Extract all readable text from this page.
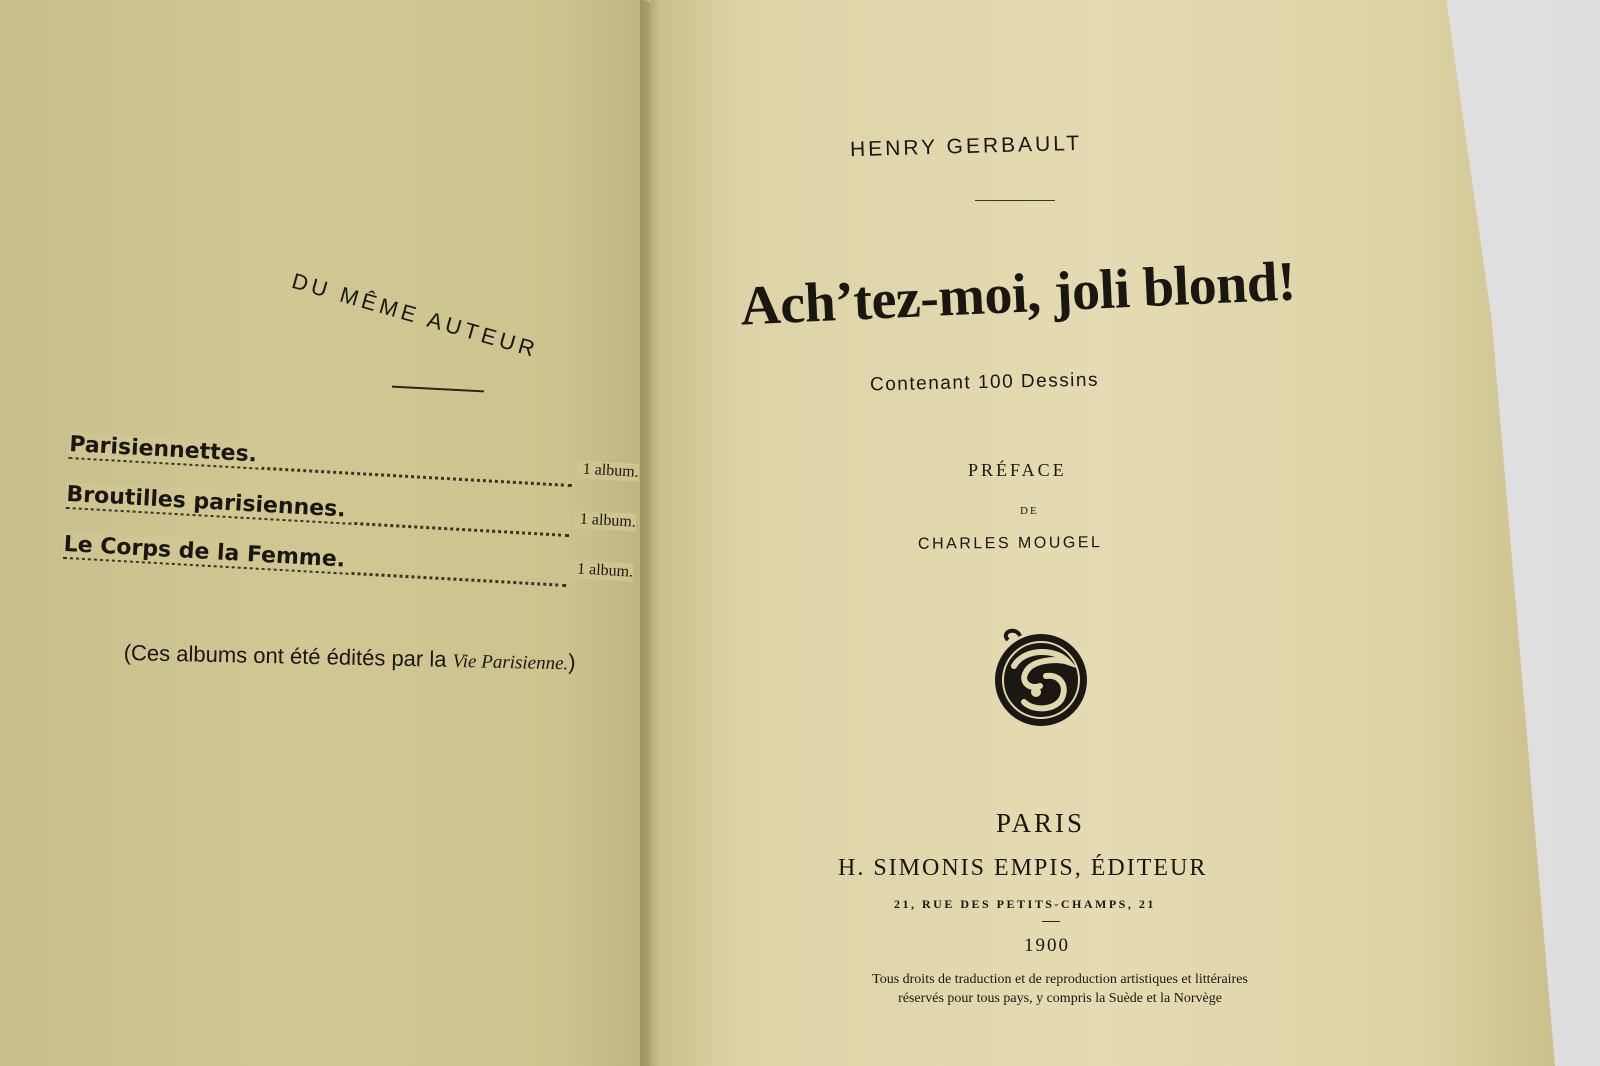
DU MÊME AUTEUR
Parisiennettes.
1 album.
Broutilles parisiennes.	1 album.
Le Corps de la Femme.	1 album.
(Ces albums ont été édités par la Vie Parisienne.)
HENRY GERBAULT
Ach’tez-moi, joli blond!
Contenant 100 Dessins
PRÉFACE
DE
CHARLES MOUGEL
PARIS
H. SIMONIS EMPIS, ÉDITEUR
21, RUE DES PETITS-CHAMPS, 21
1900
Tous droits de traduction et de reproduction artistiques et littéraires
réservés pour tous pays, y compris la Suède et la Norvège
